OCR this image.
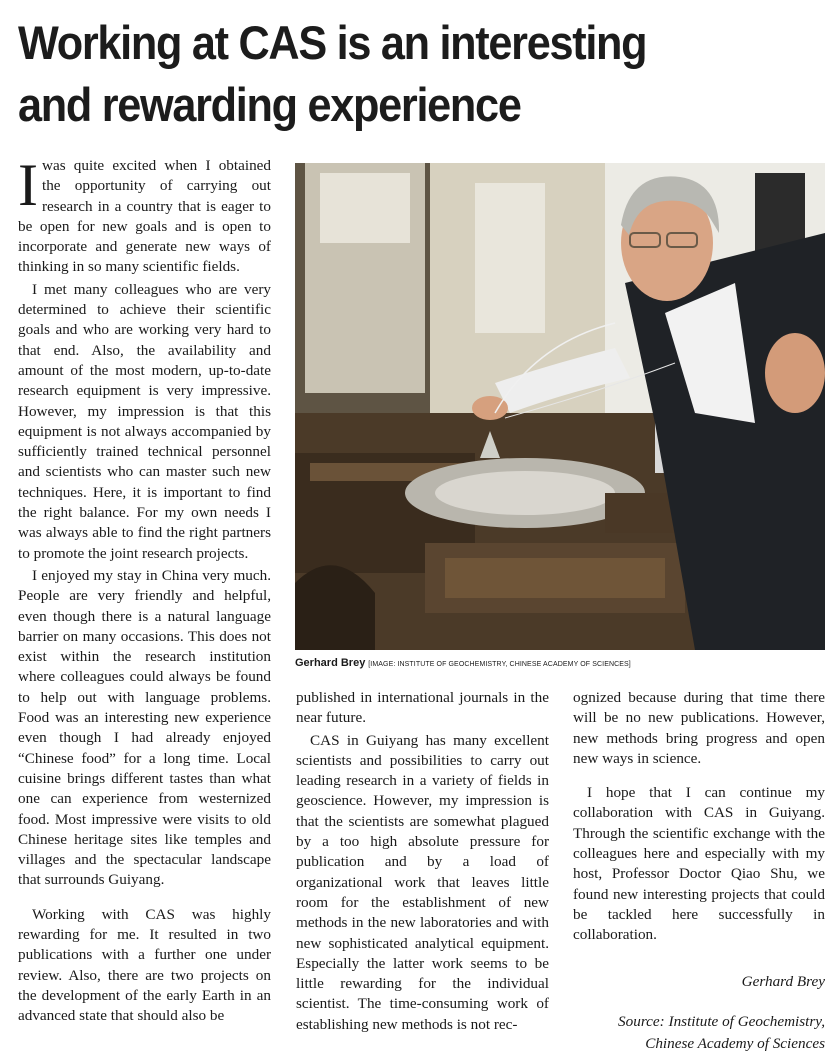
Working at CAS is an interesting
and rewarding experience

Iwas quite excited when I obtained the opportunity of carrying out research in a country that is eager to be open for new goals and is open to incorporate and generate new ways of thinking in so many scientific fields.

I met many colleagues who are very determined to achieve their scientific goals and who are working very hard to that end. Also, the availability and amount of the most modern, up-to-date research equipment is very impressive. However, my impression is that this equipment is not always accompanied by sufficiently trained technical personnel and scientists who can master such new techniques. Here, it is important to find the right balance. For my own needs I was always able to find the right partners to promote the joint research projects.

I enjoyed my stay in China very much. People are very friendly and helpful, even though there is a natural language barrier on many occasions. This does not exist within the research institution where colleagues could always be found to help out with language problems. Food was an interesting new experience even though I had already enjoyed “Chinese food” for a long time. Local cuisine brings different tastes than what one can experience from westernized food. Most impressive were visits to old Chinese heritage sites like temples and villages and the spectacular landscape that surrounds Guiyang.

Working with CAS was highly rewarding for me. It resulted in two publications with a further one under review. Also, there are two projects on the development of the early Earth in an advanced state that should also be

Gerhard Brey [IMAGE: INSTITUTE OF GEOCHEMISTRY, CHINESE ACADEMY OF SCIENCES]

published in international journals in the near future.

CAS in Guiyang has many excellent scientists and possibilities to carry out leading research in a variety of fields in geoscience. However, my impression is that the scientists are somewhat plagued by a too high absolute pressure for publication and by a load of organizational work that leaves little room for the establishment of new methods in the new laboratories and with new sophisticated analytical equipment. Especially the latter work seems to be little rewarding for the individual scientist. The time-consuming work of establishing new methods is not rec-

ognized because during that time there will be no new publications. However, new methods bring progress and open new ways in science.

I hope that I can continue my collaboration with CAS in Guiyang. Through the scientific exchange with the colleagues here and especially with my host, Professor Doctor Qiao Shu, we found new interesting projects that could be tackled here successfully in collaboration.

Gerhard Brey

Source: Institute of Geochemistry,

Chinese Academy of Sciences
